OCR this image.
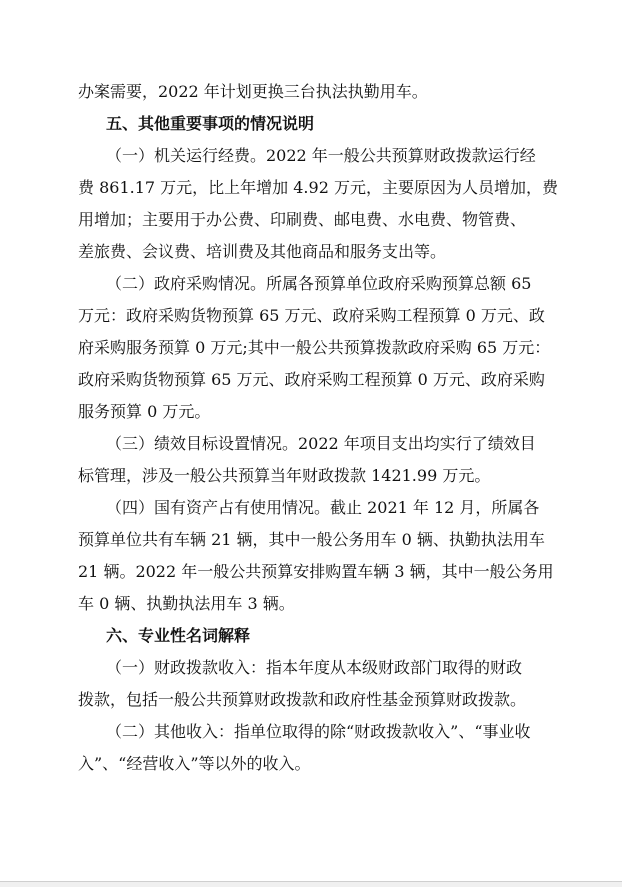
办案需要，2022 年计划更换三台执法执勤用车。
五、其他重要事项的情况说明
（一）机关运行经费。2022 年一般公共预算财政拨款运行经
费 861.17 万元，比上年增加 4.92 万元，主要原因为人员增加，费
用增加；主要用于办公费、印刷费、邮电费、水电费、物管费、
差旅费、会议费、培训费及其他商品和服务支出等。
（二）政府采购情况。所属各预算单位政府采购预算总额 65
万元：政府采购货物预算 65 万元、政府采购工程预算 0 万元、政
府采购服务预算 0 万元;其中一般公共预算拨款政府采购 65 万元：
政府采购货物预算 65 万元、政府采购工程预算 0 万元、政府采购
服务预算 0 万元。
（三）绩效目标设置情况。2022 年项目支出均实行了绩效目
标管理，涉及一般公共预算当年财政拨款 1421.99 万元。
（四）国有资产占有使用情况。截止 2021 年 12 月，所属各
预算单位共有车辆 21 辆，其中一般公务用车 0 辆、执勤执法用车
21 辆。2022 年一般公共预算安排购置车辆 3 辆，其中一般公务用
车 0 辆、执勤执法用车 3 辆。
六、专业性名词解释
（一）财政拨款收入：指本年度从本级财政部门取得的财政
拨款，包括一般公共预算财政拨款和政府性基金预算财政拨款。
（二）其他收入：指单位取得的除“财政拨款收入”、“事业收
入”、“经营收入”等以外的收入。
